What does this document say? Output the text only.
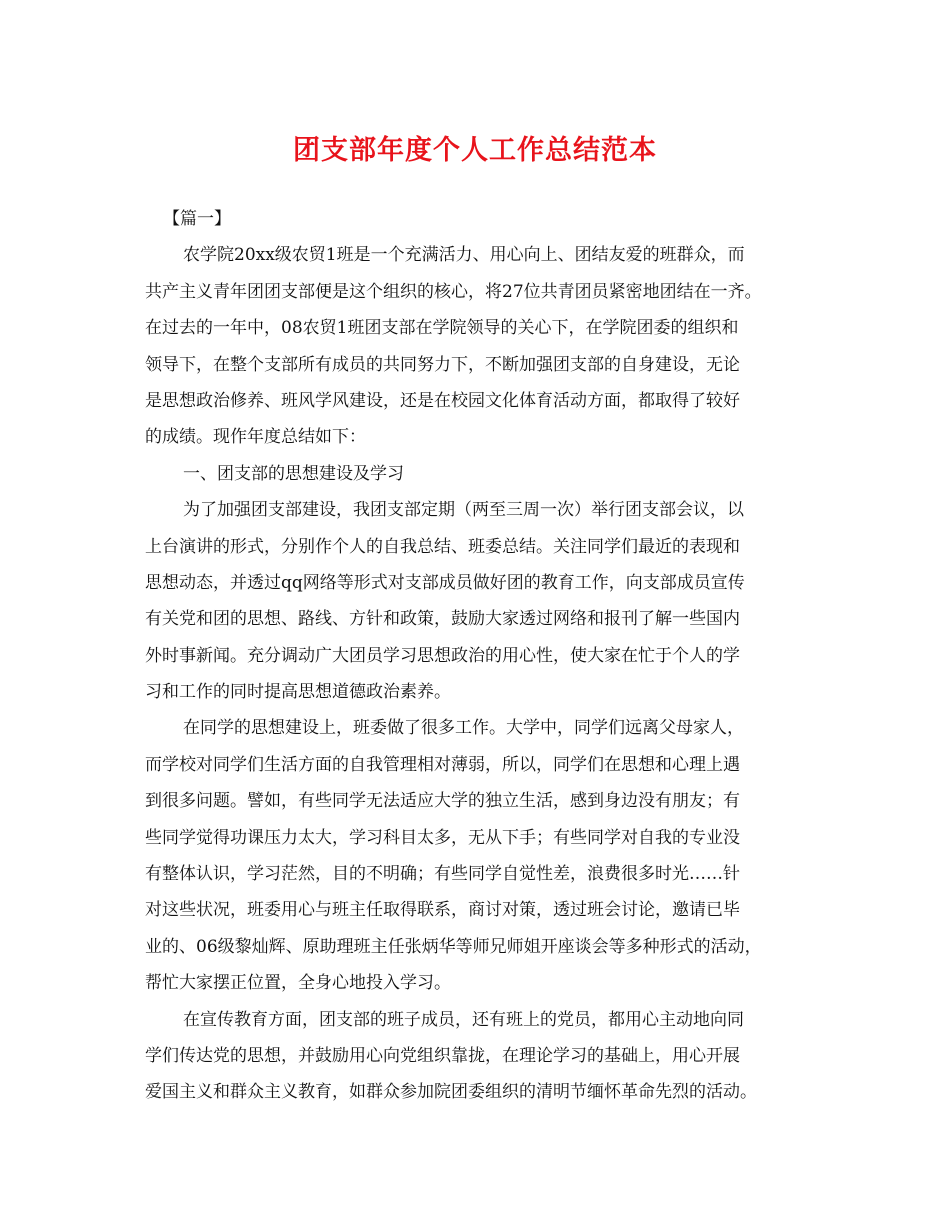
团支部年度个人工作总结范本
【篇一】
农学院20xx级农贸1班是一个充满活力、用心向上、团结友爱的班群众，而
共产主义青年团团支部便是这个组织的核心，将27位共青团员紧密地团结在一齐。
在过去的一年中，08农贸1班团支部在学院领导的关心下，在学院团委的组织和
领导下，在整个支部所有成员的共同努力下，不断加强团支部的自身建设，无论
是思想政治修养、班风学风建设，还是在校园文化体育活动方面，都取得了较好
的成绩。现作年度总结如下：
一、团支部的思想建设及学习
为了加强团支部建设，我团支部定期（两至三周一次）举行团支部会议，以
上台演讲的形式，分别作个人的自我总结、班委总结。关注同学们最近的表现和
思想动态，并透过qq网络等形式对支部成员做好团的教育工作，向支部成员宣传
有关党和团的思想、路线、方针和政策，鼓励大家透过网络和报刊了解一些国内
外时事新闻。充分调动广大团员学习思想政治的用心性，使大家在忙于个人的学
习和工作的同时提高思想道德政治素养。
在同学的思想建设上，班委做了很多工作。大学中，同学们远离父母家人，
而学校对同学们生活方面的自我管理相对薄弱，所以，同学们在思想和心理上遇
到很多问题。譬如，有些同学无法适应大学的独立生活，感到身边没有朋友；有
些同学觉得功课压力太大，学习科目太多，无从下手；有些同学对自我的专业没
有整体认识，学习茫然，目的不明确；有些同学自觉性差，浪费很多时光……针
对这些状况，班委用心与班主任取得联系，商讨对策，透过班会讨论，邀请已毕
业的、06级黎灿辉、原助理班主任张炳华等师兄师姐开座谈会等多种形式的活动，
帮忙大家摆正位置，全身心地投入学习。
在宣传教育方面，团支部的班子成员，还有班上的党员，都用心主动地向同
学们传达党的思想，并鼓励用心向党组织靠拢，在理论学习的基础上，用心开展
爱国主义和群众主义教育，如群众参加院团委组织的清明节缅怀革命先烈的活动。
